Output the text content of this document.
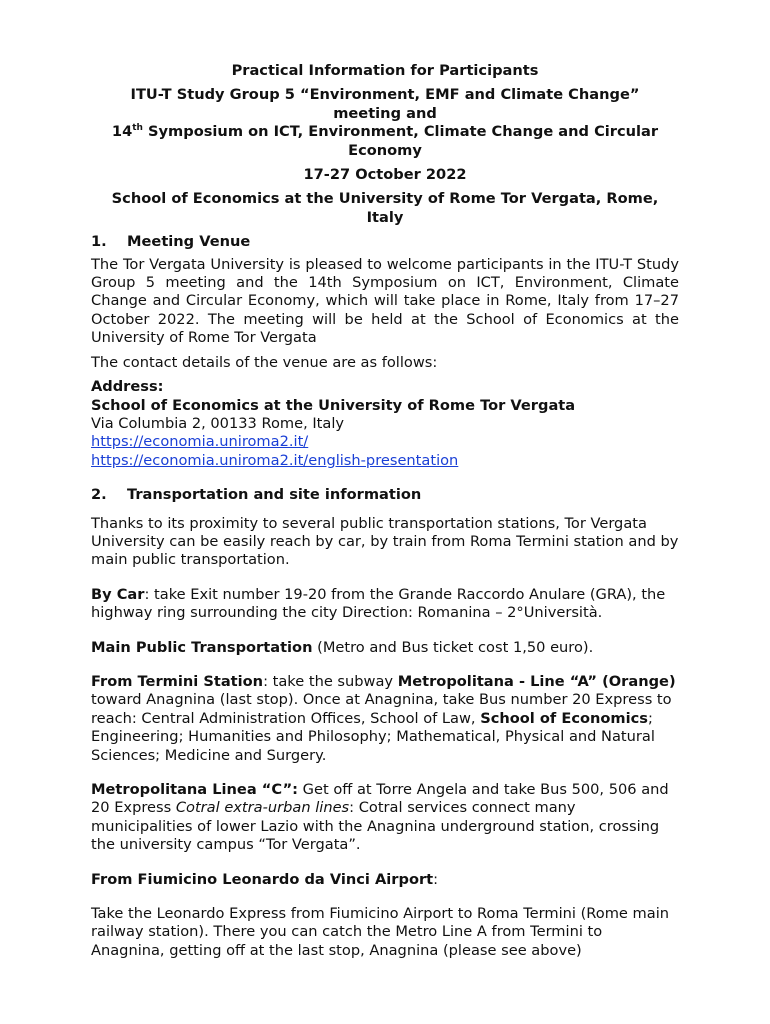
Practical Information for Participants
ITU-T Study Group 5 “Environment, EMF and Climate Change”
meeting and
14th Symposium on ICT, Environment, Climate Change and Circular
Economy
17-27 October 2022
School of Economics at the University of Rome Tor Vergata, Rome, Italy
1.	Meeting Venue
The Tor Vergata University is pleased to welcome participants in the ITU-T Study Group 5 meeting and the 14th Symposium on ICT, Environment, Climate Change and Circular Economy, which will take place in Rome, Italy from 17–27 October 2022. The meeting will be held at the School of Economics at the University of Rome Tor Vergata
The contact details of the venue are as follows:
Address:
School of Economics at the University of Rome Tor Vergata
Via Columbia 2, 00133 Rome, Italy
https://economia.uniroma2.it/
https://economia.uniroma2.it/english-presentation
2.	Transportation and site information
Thanks to its proximity to several public transportation stations, Tor Vergata University can be easily reach by car, by train from Roma Termini station and by main public transportation.
By Car: take Exit number 19-20 from the Grande Raccordo Anulare (GRA), the highway ring surrounding the city Direction: Romanina – 2°Università.
Main Public Transportation (Metro and Bus ticket cost 1,50 euro).
From Termini Station: take the subway Metropolitana - Line “A” (Orange) toward Anagnina (last stop). Once at Anagnina, take Bus number 20 Express to reach: Central Administration Offices, School of Law, School of Economics; Engineering; Humanities and Philosophy; Mathematical, Physical and Natural Sciences; Medicine and Surgery.
Metropolitana Linea “C”: Get off at Torre Angela and take Bus 500, 506 and 20 Express Cotral extra-urban lines: Cotral services connect many municipalities of lower Lazio with the Anagnina underground station, crossing the university campus “Tor Vergata”.
From Fiumicino Leonardo da Vinci Airport:
Take the Leonardo Express from Fiumicino Airport to Roma Termini (Rome main railway station). There you can catch the Metro Line A from Termini to Anagnina, getting off at the last stop, Anagnina (please see above)
